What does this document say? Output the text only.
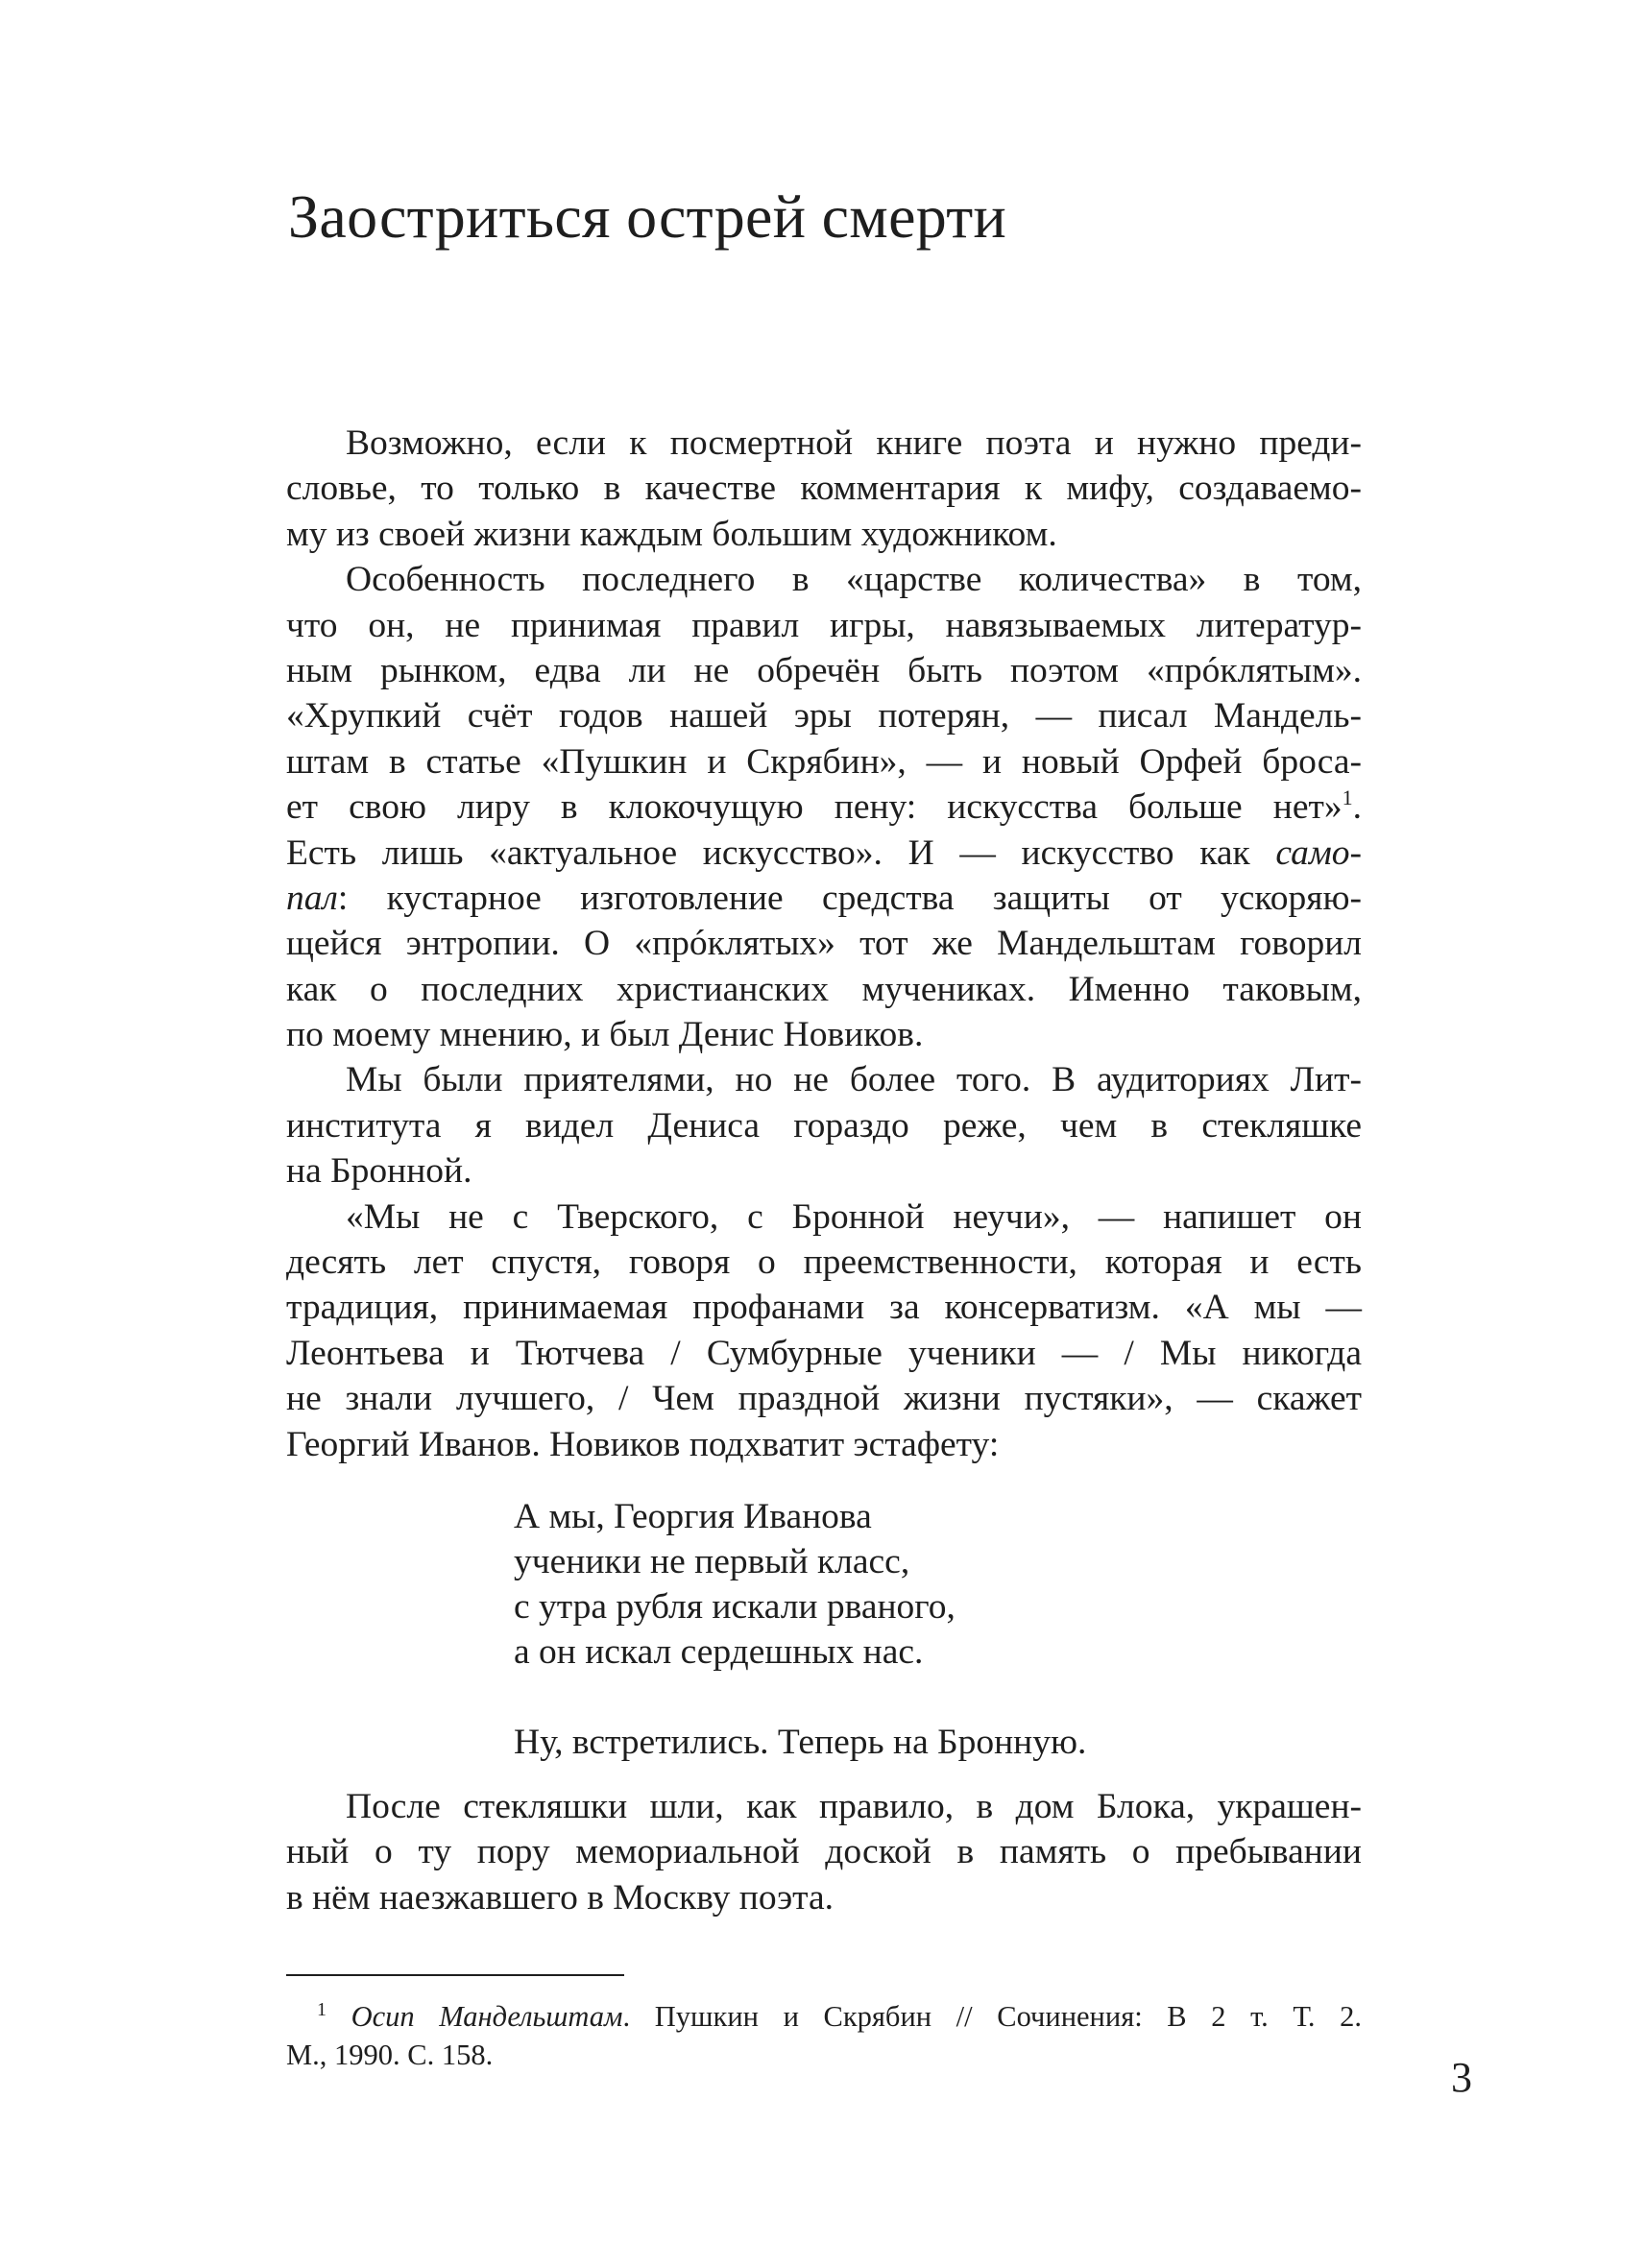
Заостриться острей смерти
Возможно, если к посмертной книге поэта и нужно преди-
словье, то только в качестве комментария к мифу, создаваемо-
му из своей жизни каждым большим художником.
Особенность последнего в «царстве количества» в том,
что он, не принимая правил игры, навязываемых литератур-
ным рынком, едва ли не обречён быть поэтом «прóклятым».
«Хрупкий счёт годов нашей эры потерян, — писал Мандель-
штам в статье «Пушкин и Скрябин», — и новый Орфей броса-
ет свою лиру в клокочущую пену: искусства больше нет»$^1$.
Есть лишь «актуальное искусство». И — искусство как само-
пал: кустарное изготовление средства защиты от ускоряю-
щейся энтропии. О «прóклятых» тот же Мандельштам говорил
как о последних христианских мучениках. Именно таковым,
по моему мнению, и был Денис Новиков.
Мы были приятелями, но не более того. В аудиториях Лит-
института я видел Дениса гораздо реже, чем в стекляшке
на Бронной.
«Мы не с Тверского, с Бронной неучи», — напишет он
десять лет спустя, говоря о преемственности, которая и есть
традиция, принимаемая профанами за консерватизм. «А мы —
Леонтьева и Тютчева / Сумбурные ученики — / Мы никогда
не знали лучшего, / Чем праздной жизни пустяки», — скажет
Георгий Иванов. Новиков подхватит эстафету:
А мы, Георгия Иванова
ученики не первый класс,
с утра рубля искали рваного,
а он искал сердешных нас.
Ну, встретились. Теперь на Бронную.
После стекляшки шли, как правило, в дом Блока, украшен-
ный о ту пору мемориальной доской в память о пребывании
в нём наезжавшего в Москву поэта.
$^1$ Осип Мандельштам. Пушкин и Скрябин // Сочинения: В 2 т. Т. 2.
М., 1990. С. 158.	3
